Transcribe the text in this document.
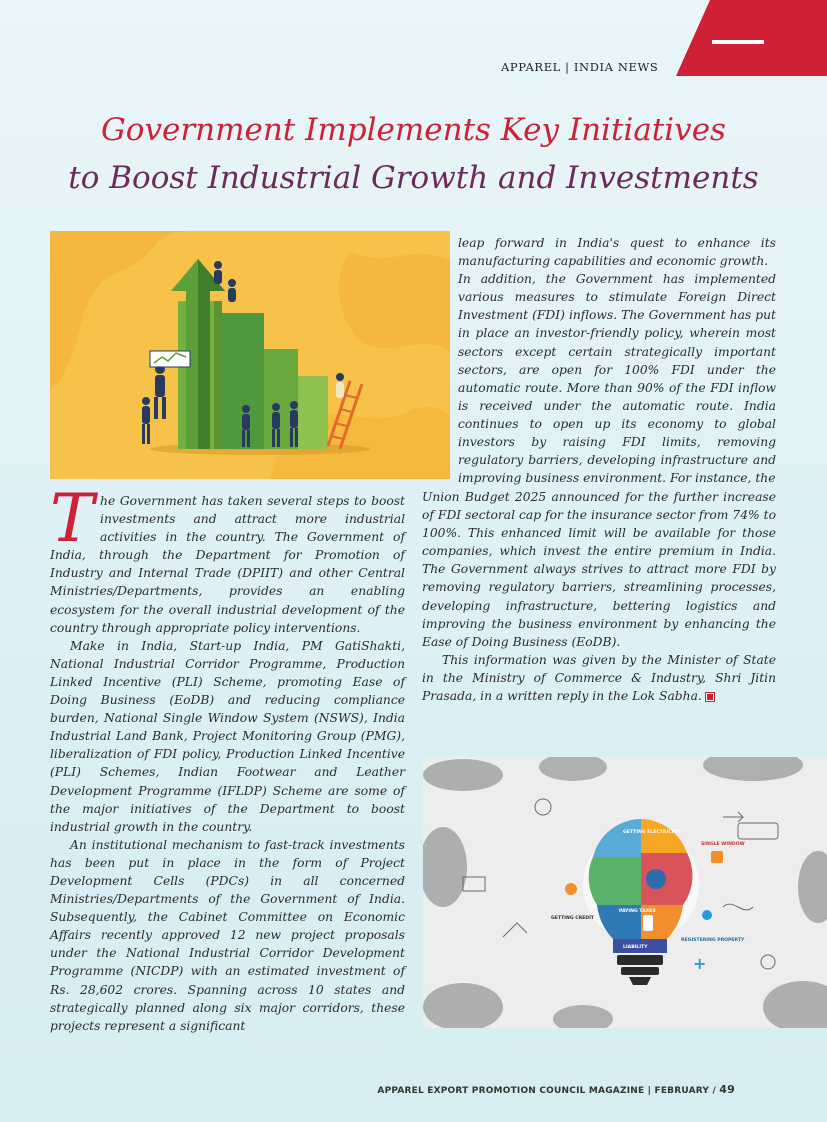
APPAREL | INDIA NEWS
Government Implements Key Initiatives
to Boost Industrial Growth and Investments

The Government has taken several steps to boost investments and attract more industrial activities in the country. The Government of India, through the Department for Promotion of Industry and Internal Trade (DPIIT) and other Central Ministries/Departments, provides an enabling ecosystem for the overall industrial development of the country through appropriate policy interventions.

Make in India, Start-up India, PM GatiShakti, National Industrial Corridor Programme, Production Linked Incentive (PLI) Scheme, promoting Ease of Doing Business (EoDB) and reducing compliance burden, National Single Window System (NSWS), India Industrial Land Bank, Project Monitoring Group (PMG), liberalization of FDI policy, Production Linked Incentive (PLI) Schemes, Indian Footwear and Leather Development Programme (IFLDP) Scheme are some of the major initiatives of the Department to boost industrial growth in the country.

An institutional mechanism to fast-track investments has been put in place in the form of Project Development Cells (PDCs) in all concerned Ministries/Departments of the Government of India. Subsequently, the Cabinet Committee on Economic Affairs recently approved 12 new project proposals under the National Industrial Corridor Development Programme (NICDP) with an estimated investment of Rs. 28,602 crores. Spanning across 10 states and strategically planned along six major corridors, these projects represent a significant

leap forward in India's quest to enhance its manufacturing capabilities and economic growth.

In addition, the Government has implemented various measures to stimulate Foreign Direct Investment (FDI) inflows. The Government has put in place an investor-friendly policy, wherein most sectors except certain strategically important sectors, are open for 100% FDI under the automatic route. More than 90% of the FDI inflow is received under the automatic route. India continues to open up its economy to global investors by raising FDI limits, removing regulatory barriers, developing infrastructure and improving business environment. For instance, the

Union Budget 2025 announced for the further increase of FDI sectoral cap for the insurance sector from 74% to 100%. This enhanced limit will be available for those companies, which invest the entire premium in India. The Government always strives to attract more FDI by removing regulatory barriers, streamlining processes, developing infrastructure, bettering logistics and improving the business environment by enhancing the Ease of Doing Business (EoDB).

This information was given by the Minister of State in the Ministry of Commerce & Industry, Shri Jitin Prasada, in a written reply in the Lok Sabha.

GETTING ELECTRICITY
PAYING TAXES
LIABILITY
SINGLE WINDOW
GETTING CREDIT
REGISTERING PROPERTY
+
APPAREL EXPORT PROMOTION COUNCIL MAGAZINE | FEBRUARY / 49
